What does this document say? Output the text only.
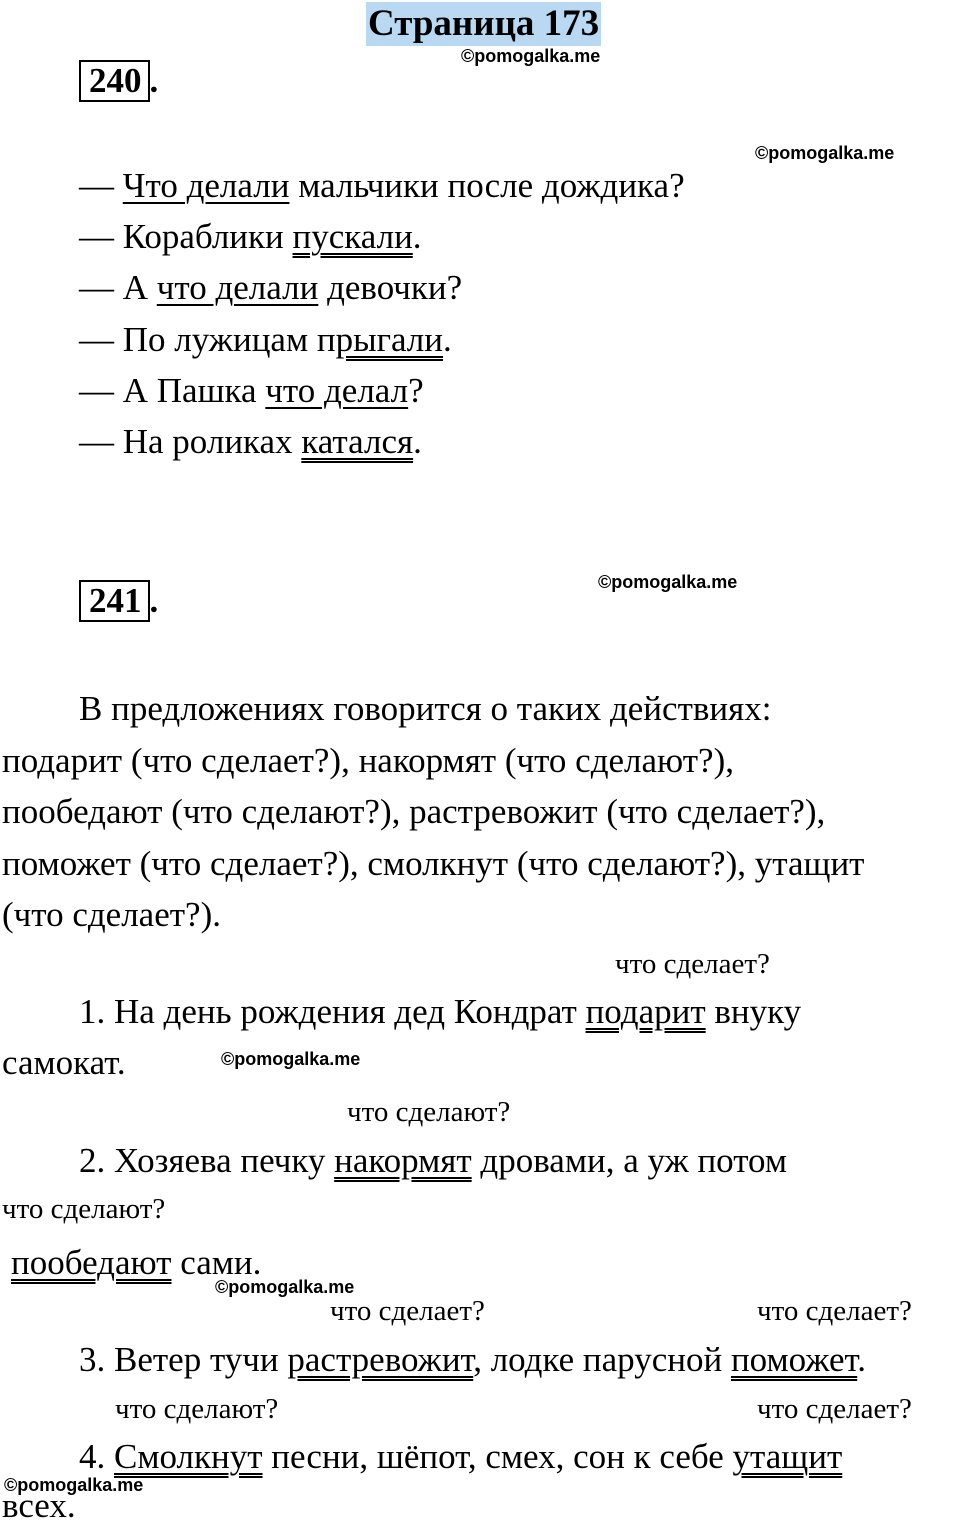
Страница 173
©pomogalka.me
©pomogalka.me
©pomogalka.me
©pomogalka.me
©pomogalka.me
©pomogalka.me
240 .
— Что делали мальчики после дождика?
— Кораблики пускали.
— А что делали девочки?
— По лужицам прыгали.
— А Пашка что делал?
— На роликах катался.
241 .
В предложениях говорится о таких действиях:
подарит (что сделает?), накормят (что сделают?),
пообедают (что сделают?), растревожит (что сделает?),
поможет (что сделает?), смолкнут (что сделают?), утащит
(что сделает?).
что сделает?
1. На день рождения дед Кондрат подарит внуку
самокат.
что сделают?
2. Хозяева печку накормят дровами, а уж потом
что сделают?
пообедают сами.
что сделает?	что сделает?
3. Ветер тучи растревожит, лодке парусной поможет.
что сделают?	что сделает?
4. Смолкнут песни, шёпот, смех, сон к себе утащит
всех.
